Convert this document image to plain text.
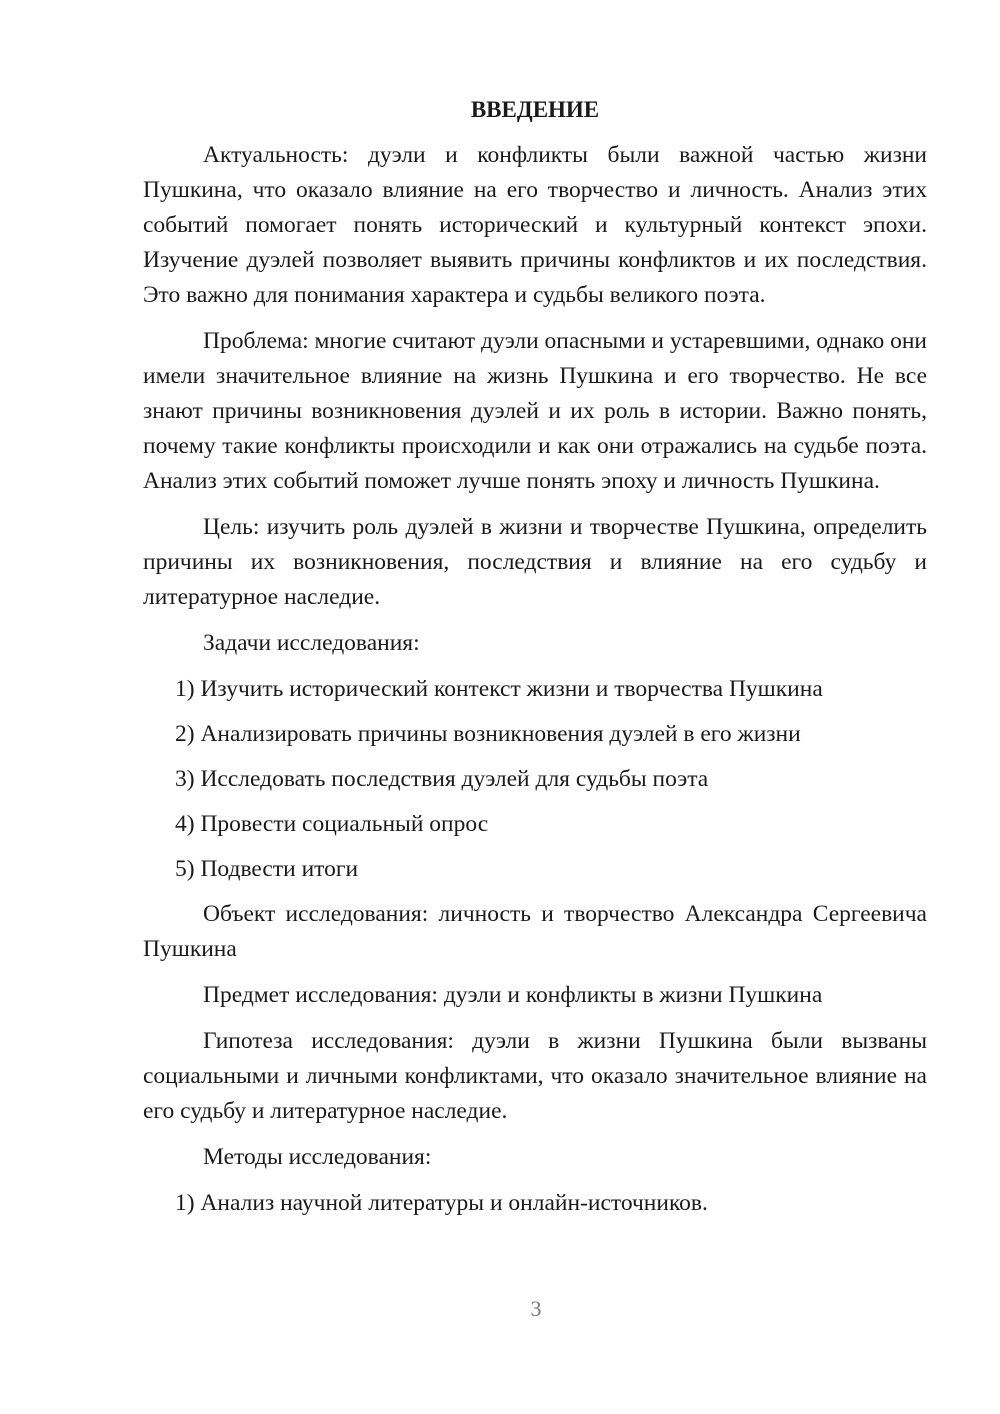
ВВЕДЕНИЕ

Актуальность: дуэли и конфликты были важной частью жизни Пушкина, что оказало влияние на его творчество и личность. Анализ этих событий помогает понять исторический и культурный контекст эпохи. Изучение дуэлей позволяет выявить причины конфликтов и их последствия. Это важно для понимания характера и судьбы великого поэта.

Проблема: многие считают дуэли опасными и устаревшими, однако они имели значительное влияние на жизнь Пушкина и его творчество. Не все знают причины возникновения дуэлей и их роль в истории. Важно понять, почему такие конфликты происходили и как они отражались на судьбе поэта. Анализ этих событий поможет лучше понять эпоху и личность Пушкина.

Цель: изучить роль дуэлей в жизни и творчестве Пушкина, определить причины их возникновения, последствия и влияние на его судьбу и литературное наследие.

Задачи исследования:

1) Изучить исторический контекст жизни и творчества Пушкина

2) Анализировать причины возникновения дуэлей в его жизни

3) Исследовать последствия дуэлей для судьбы поэта

4) Провести социальный опрос

5) Подвести итоги

Объект исследования: личность и творчество Александра Сергеевича Пушкина

Предмет исследования: дуэли и конфликты в жизни Пушкина

Гипотеза исследования: дуэли в жизни Пушкина были вызваны социальными и личными конфликтами, что оказало значительное влияние на его судьбу и литературное наследие.

Методы исследования:

1) Анализ научной литературы и онлайн-источников.

3
